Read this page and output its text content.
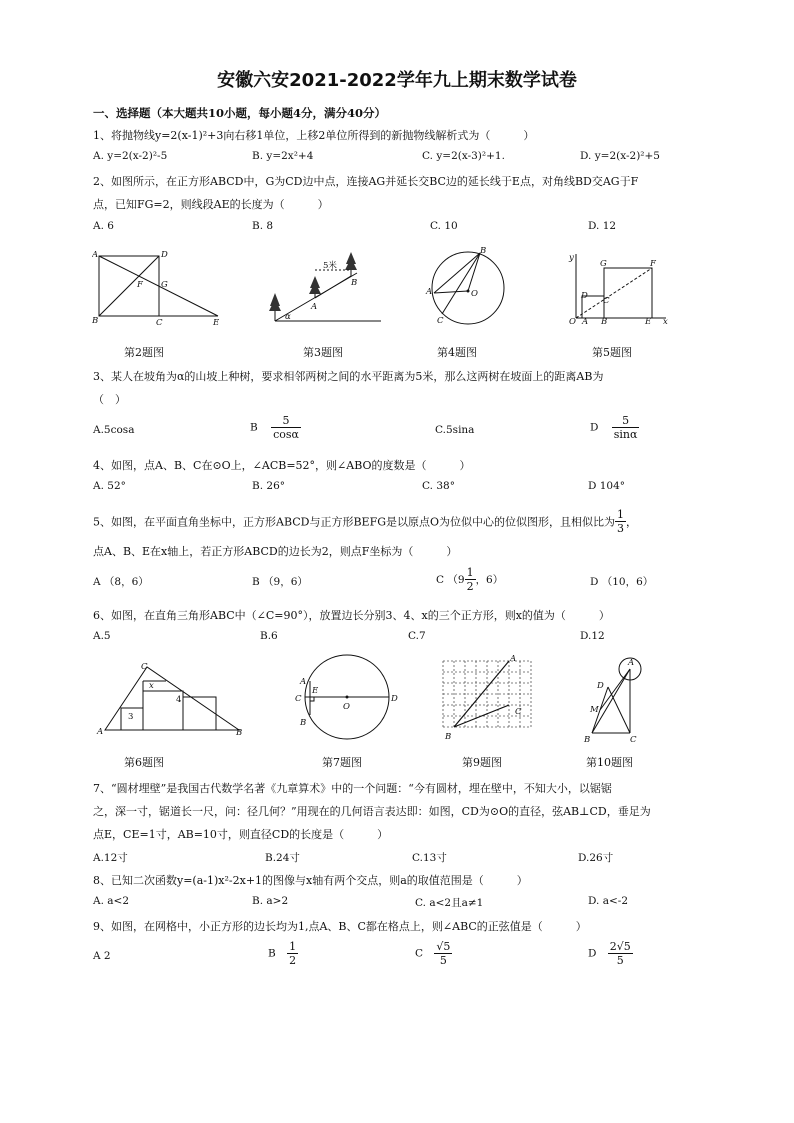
安徽六安2021-2022学年九上期末数学试卷
一、选择题（本大题共10小题，每小题4分，满分40分）
1、将抛物线y=2(x-1)²+3向右移1单位，上移2单位所得到的新抛物线解析式为（　　　）
A. y=2(x-2)²-5	B. y=2x²+4	C. y=2(x-3)²+1.	D. y=2(x-2)²+5
2、如图所示，在正方形ABCD中，G为CD边中点，连接AG并延长交BC边的延长线于E点，对角线BD交AG于F
点，已知FG=2，则线段AE的长度为（　　　）
A. 6	B. 8	C. 10	D. 12
A	D
F G
B	C	E
5米
B
A
α
B
A	O
C
y
G	F
D C
O A B	E x
第2题图	第3题图	第4题图	第5题图
3、某人在坡角为α的山坡上种树，要求相邻两树之间的水平距离为5米，那么这两树在坡面上的距离AB为
（　）
A.5cosa	B $\frac{5}{\cos\alpha}$	C.5sina	D $\frac{5}{\sin\alpha}$
4、如图，点A、B、C在⊙O上，∠ACB=52°，则∠ABO的度数是（　　　）
A. 52°	B. 26°	C. 38°	D 104°
5、如图，在平面直角坐标中，正方形ABCD与正方形BEFG是以原点O为位似中心的位似图形，且相似比为 $\frac{1}{3}$ ，
点A、B、E在x轴上，若正方形ABCD的边长为2，则点F坐标为（　　　）
A （8，6）	B （9，6）	C （$9 \frac{1}{2}$ ，6）	D （10，6）
6、如图，在直角三角形ABC中（∠C=90°），放置边长分别3、4、x的三个正方形，则x的值为（　　　）
A.5	B.6	C.7	D.12
C
x
3
4
A	B
C
E
O
D
A
B
A
C
B
A
D
M
B	C
第6题图	第7题图	第9题图	第10题图
7、“圆材埋壁”是我国古代数学名著《九章算术》中的一个问题：“今有圆材，埋在壁中，不知大小，以锯锯
之，深一寸，锯道长一尺，问：径几何？”用现在的几何语言表达即：如图，CD为⊙O的直径，弦AB⊥CD，垂足为
点E，CE=1寸，AB=10寸，则直径CD的长度是（　　　）
A.12寸	B.24寸	C.13寸	D.26寸
8、已知二次函数y=(a-1)x²-2x+1的图像与x轴有两个交点，则a的取值范围是（　　　）
A. a<2	B. a>2	C. a<2且a≠1	D. a<-2
9、如图，在网格中，小正方形的边长均为1,点A、B、C都在格点上，则∠ABC的正弦值是（　　　）
A 2	B $\frac{1}{2}$	C $\frac{√5}{5}$	D $\frac{2√5}{5}$
